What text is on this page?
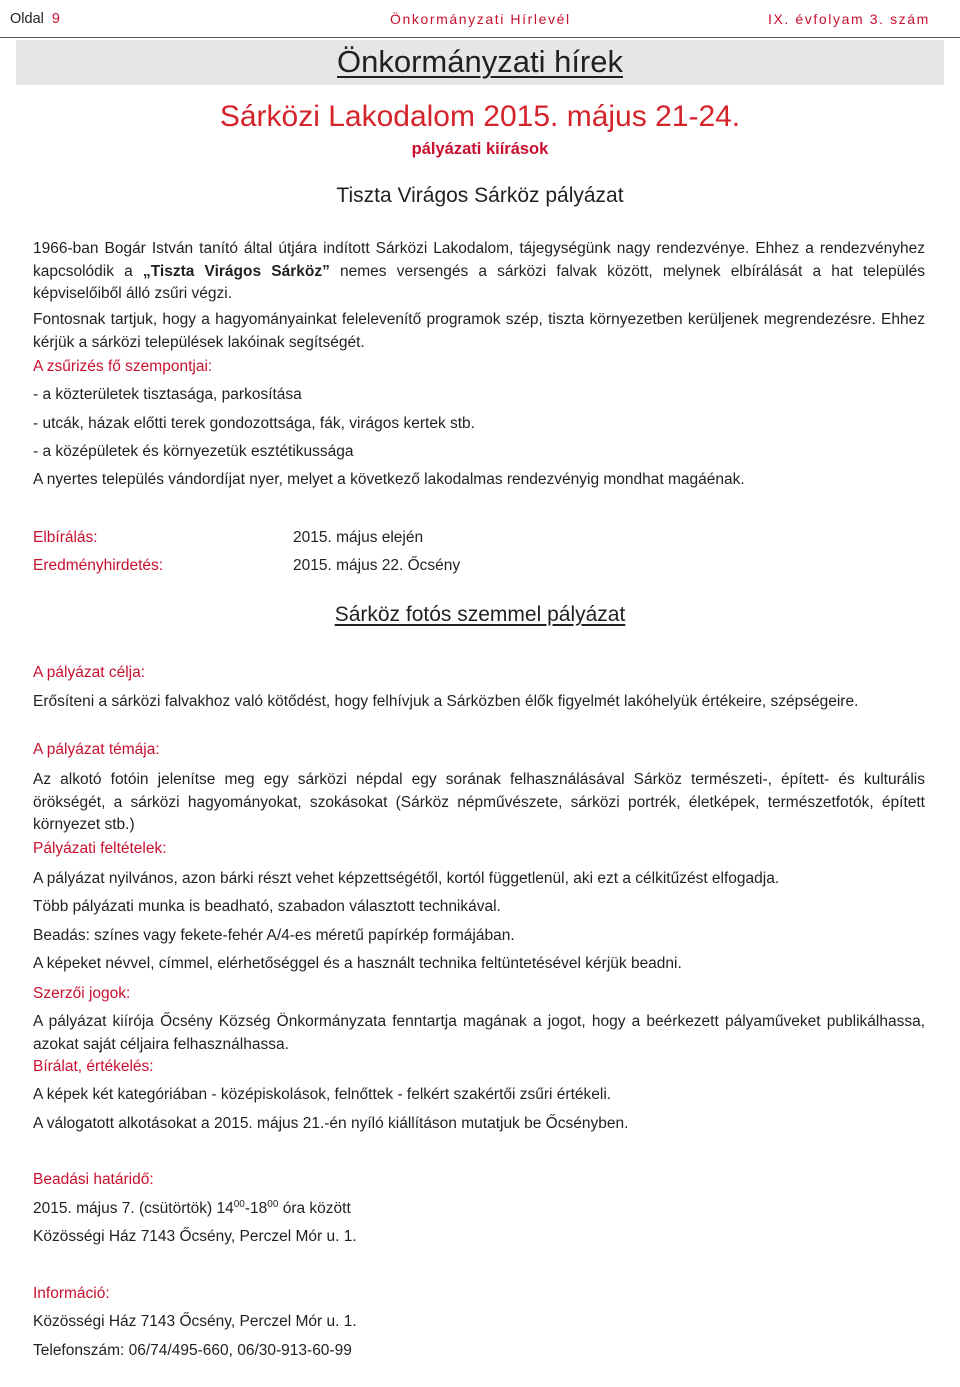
Oldal 9	Önkormányzati Hírlevél	IX. évfolyam 3. szám
Önkormányzati hírek
Sárközi Lakodalom 2015. május 21-24.
pályázati kiírások
Tiszta Virágos Sárköz pályázat
1966-ban Bogár István tanító által útjára indított Sárközi Lakodalom, tájegységünk nagy rendezvénye. Ehhez a rendezvényhez kapcsolódik a „Tiszta Virágos Sárköz” nemes versengés a sárközi falvak között, melynek elbírálását a hat település képviselőiből álló zsűri végzi.
Fontosnak tartjuk, hogy a hagyományainkat felelevenítő programok szép, tiszta környezetben kerüljenek megrendezésre. Ehhez kérjük a sárközi települések lakóinak segítségét.
A zsűrizés fő szempontjai:
- a közterületek tisztasága, parkosítása
- utcák, házak előtti terek gondozottsága, fák, virágos kertek stb.
- a középületek és környezetük esztétikussága
A nyertes település vándordíjat nyer, melyet a következő lakodalmas rendezvényig mondhat magáénak.
Elbírálás:	2015. május elején
Eredményhirdetés:	2015. május 22. Őcsény
Sárköz fotós szemmel pályázat
A pályázat célja:
Erősíteni a sárközi falvakhoz való kötődést, hogy felhívjuk a Sárközben élők figyelmét lakóhelyük értékeire, szépségeire.
A pályázat témája:
Az alkotó fotóin jelenítse meg egy sárközi népdal egy sorának felhasználásával Sárköz természeti-, épített- és kulturális örökségét, a sárközi hagyományokat, szokásokat (Sárköz népművészete, sárközi portrék, életképek, természetfotók, épített környezet stb.)
Pályázati feltételek:
A pályázat nyilvános, azon bárki részt vehet képzettségétől, kortól függetlenül, aki ezt a célkitűzést elfogadja.
Több pályázati munka is beadható, szabadon választott technikával.
Beadás: színes vagy fekete-fehér A/4-es méretű papírkép formájában.
A képeket névvel, címmel, elérhetőséggel és a használt technika feltüntetésével kérjük beadni.
Szerzői jogok:
A pályázat kiírója Őcsény Község Önkormányzata fenntartja magának a jogot, hogy a beérkezett pályaműveket publikálhassa, azokat saját céljaira felhasználhassa.
Bírálat, értékelés:
A képek két kategóriában - középiskolások, felnőttek - felkért szakértői zsűri értékeli.
A válogatott alkotásokat a 2015. május 21.-én nyíló kiállításon mutatjuk be Őcsényben.
Beadási határidő:
2015. május 7. (csütörtök) $14^{00}-18^{00}$ óra között
Közösségi Ház 7143 Őcsény, Perczel Mór u. 1.
Információ:
Közösségi Ház 7143 Őcsény, Perczel Mór u. 1.
Telefonszám: 06/74/495-660, 06/30-913-60-99
